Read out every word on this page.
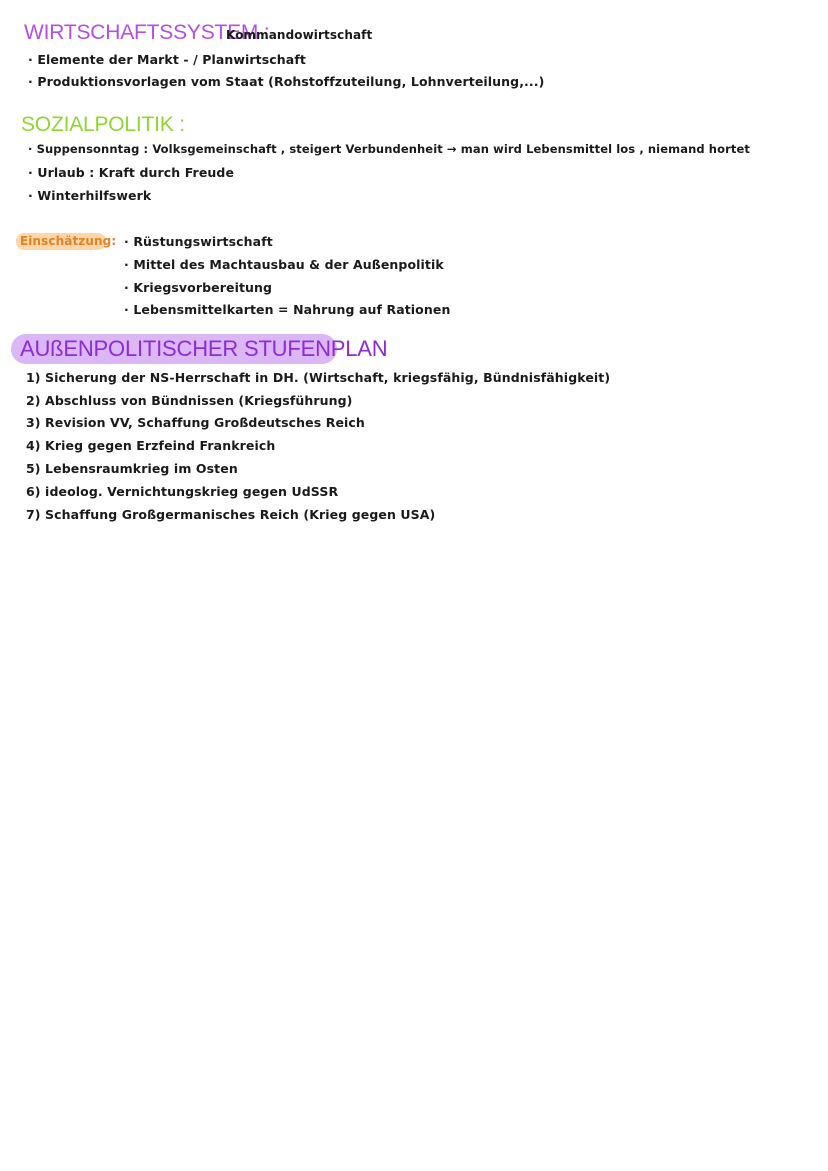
WIRTSCHAFTSSYSTEM :
Kommandowirtschaft
· Elemente der Markt - / Planwirtschaft
· Produktionsvorlagen vom Staat (Rohstoffzuteilung, Lohnverteilung,...)
SOZIALPOLITIK :
· Suppensonntag : Volksgemeinschaft , steigert Verbundenheit → man wird Lebensmittel los , niemand hortet
· Urlaub : Kraft durch Freude
· Winterhilfswerk
Einschätzung:
·	Rüstungswirtschaft
· Mittel des Machtausbau & der Außenpolitik
· Kriegsvorbereitung
· Lebensmittelkarten = Nahrung auf Rationen
AUßENPOLITISCHER STUFENPLAN
1) Sicherung der NS-Herrschaft in DH. (Wirtschaft, kriegsfähig, Bündnisfähigkeit)
2) Abschluss von Bündnissen (Kriegsführung)
3) Revision VV, Schaffung Großdeutsches Reich
4) Krieg gegen Erzfeind Frankreich
5) Lebensraumkrieg im Osten
6) ideolog. Vernichtungskrieg gegen UdSSR
7) Schaffung Großgermanisches Reich (Krieg gegen USA)
